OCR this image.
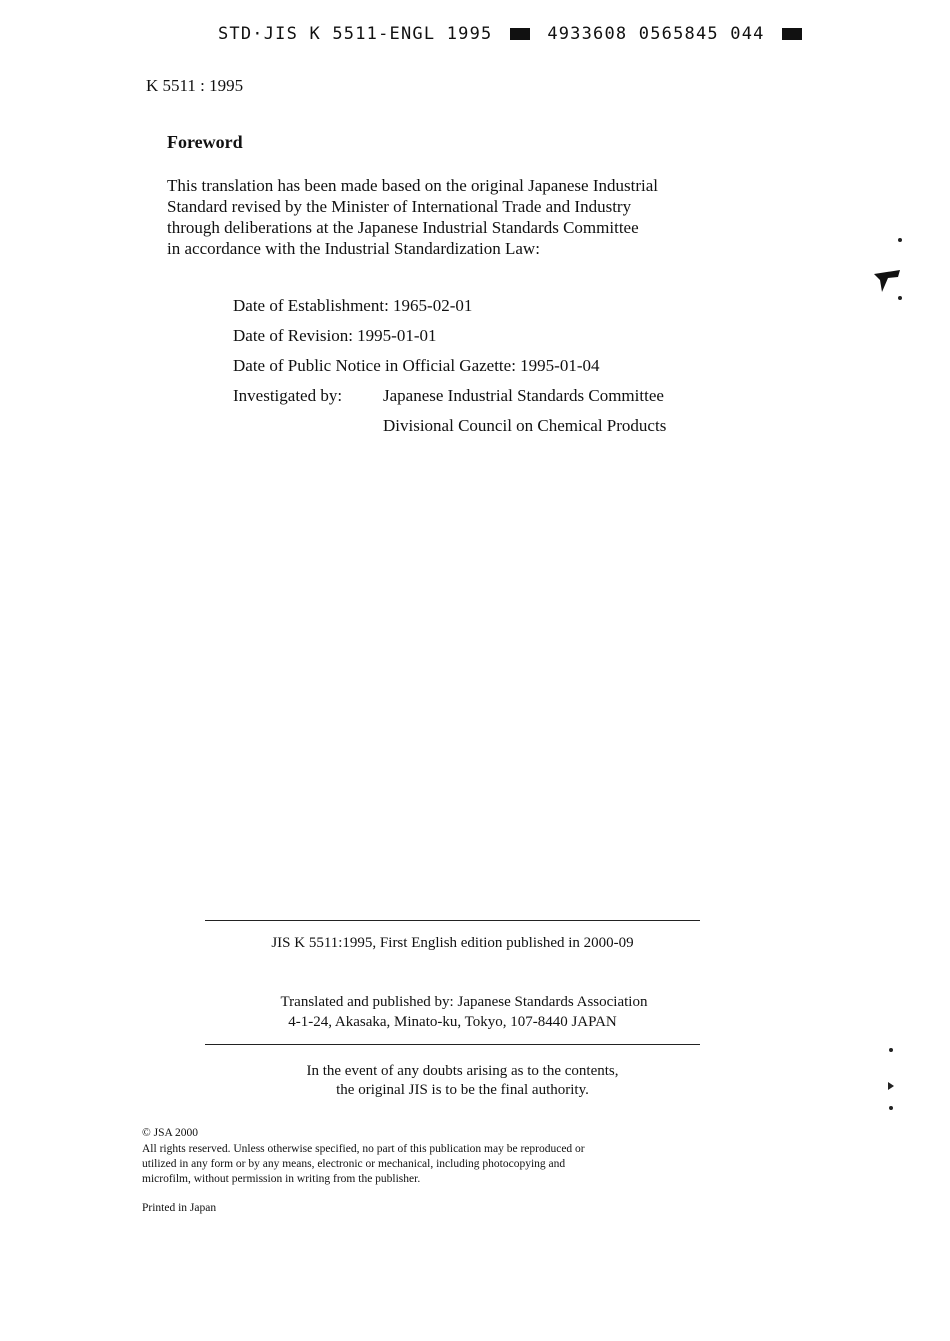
STD·JIS K 5511-ENGL 1995	4933608 0565845 044
K 5511 : 1995
Foreword
This translation has been made based on the original Japanese Industrial
Standard revised by the Minister of International Trade and Industry
through deliberations at the Japanese Industrial Standards Committee
in accordance with the Industrial Standardization Law:
Date of Establishment: 1965-02-01
Date of Revision: 1995-01-01
Date of Public Notice in Official Gazette: 1995-01-04
Investigated by: Japanese Industrial Standards Committee
Divisional Council on Chemical Products
JIS K 5511:1995, First English edition published in 2000-09
Translated and published by: Japanese Standards Association
4-1-24, Akasaka, Minato-ku, Tokyo, 107-8440 JAPAN
In the event of any doubts arising as to the contents,
the original JIS is to be the final authority.
© JSA 2000
All rights reserved. Unless otherwise specified, no part of this publication may be reproduced or
utilized in any form or by any means, electronic or mechanical, including photocopying and
microfilm, without permission in writing from the publisher.
Printed in Japan
